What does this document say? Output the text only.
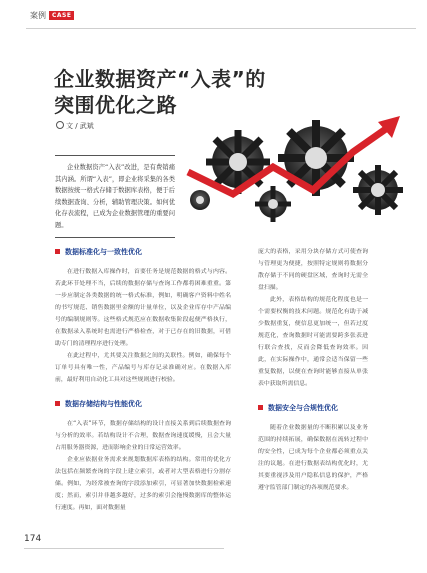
案例 CASE
企业数据资产“入表”的
突围优化之路
文 / 武斌

企业数据资产“入表”改进，是有费销痛其内涵。所谓“入表”，即企业将采集的各类数据按统一格式存储于数据库表格，便于后续数据查询、分析，辅助管理决策。如何优化存表流程，已成为企业数据管理的重要问题。

数据标准化与一致性优化

在进行数据入库操作时，首要任务是规范数据的格式与内容。若此环节处理不当，后续的数据存储与查询工作都将困难重重。第一步应制定各类数据的统一格式标准，例如，明确客户资料中姓名的书写规范、销售数据里金额的计量单位，以及企业库存中产品编号的编制规则等。这些格式规范应在数据收集阶段起便严格执行，在数据录入系统时也需进行严格检查，对于已存在的旧数据，可借助专门的清理程序进行处理。

在此过程中，尤其要关注数据之间的关联性。例如，确保每个订单号具有唯一性，产品编号与库存记录准确对应。在数据入库前，最好利用自动化工具对这些规则进行校验。

数据存储结构与性能优化

在“入表”环节，数据存储结构的设计直接关系到后续数据查询与分析的效率。若结构设计不合理，数据查询速度缓慢，且会大量占用服务器资源，进而影响企业的日常运营效率。

企业应依据业务需求来规划数据库表格的结构。常用的优化方法包括在频繁查询的字段上建立索引，或者对大型表格进行分割存储。例如，为经常被查询的字段添加索引，可显著加快数据检索速度；然而，索引并非越多越好，过多的索引会拖慢数据库的整体运行速度。再如，面对数据量

庞大的表格，采用分块存储方式可使查询与管理更为便捷，按照特定规则将数据分散存储于不同的硬盘区域，查询时无需全盘扫描。

此外，表格结构的规范化程度也是一个需要权衡的技术问题。规范化有助于减少数据重复，便信息更加统一，但若过度规范化，查询数据时可能需要跨多张表进行联合查找，反而会降低查询效率。因此，在实际操作中，通常会适当保留一些重复数据，以便在查询时能够直接从单张表中获取所需信息。

数据安全与合规性优化

随着企业数据量的不断积累以及业务范围的持续拓展，确保数据在流转过程中的安全性，已成为每个企业都必须重点关注的议题。在进行数据表结构优化时，尤其要重视涉及用户隐私信息的保护，严格遵守监管部门制定的各项规范要求。

174
